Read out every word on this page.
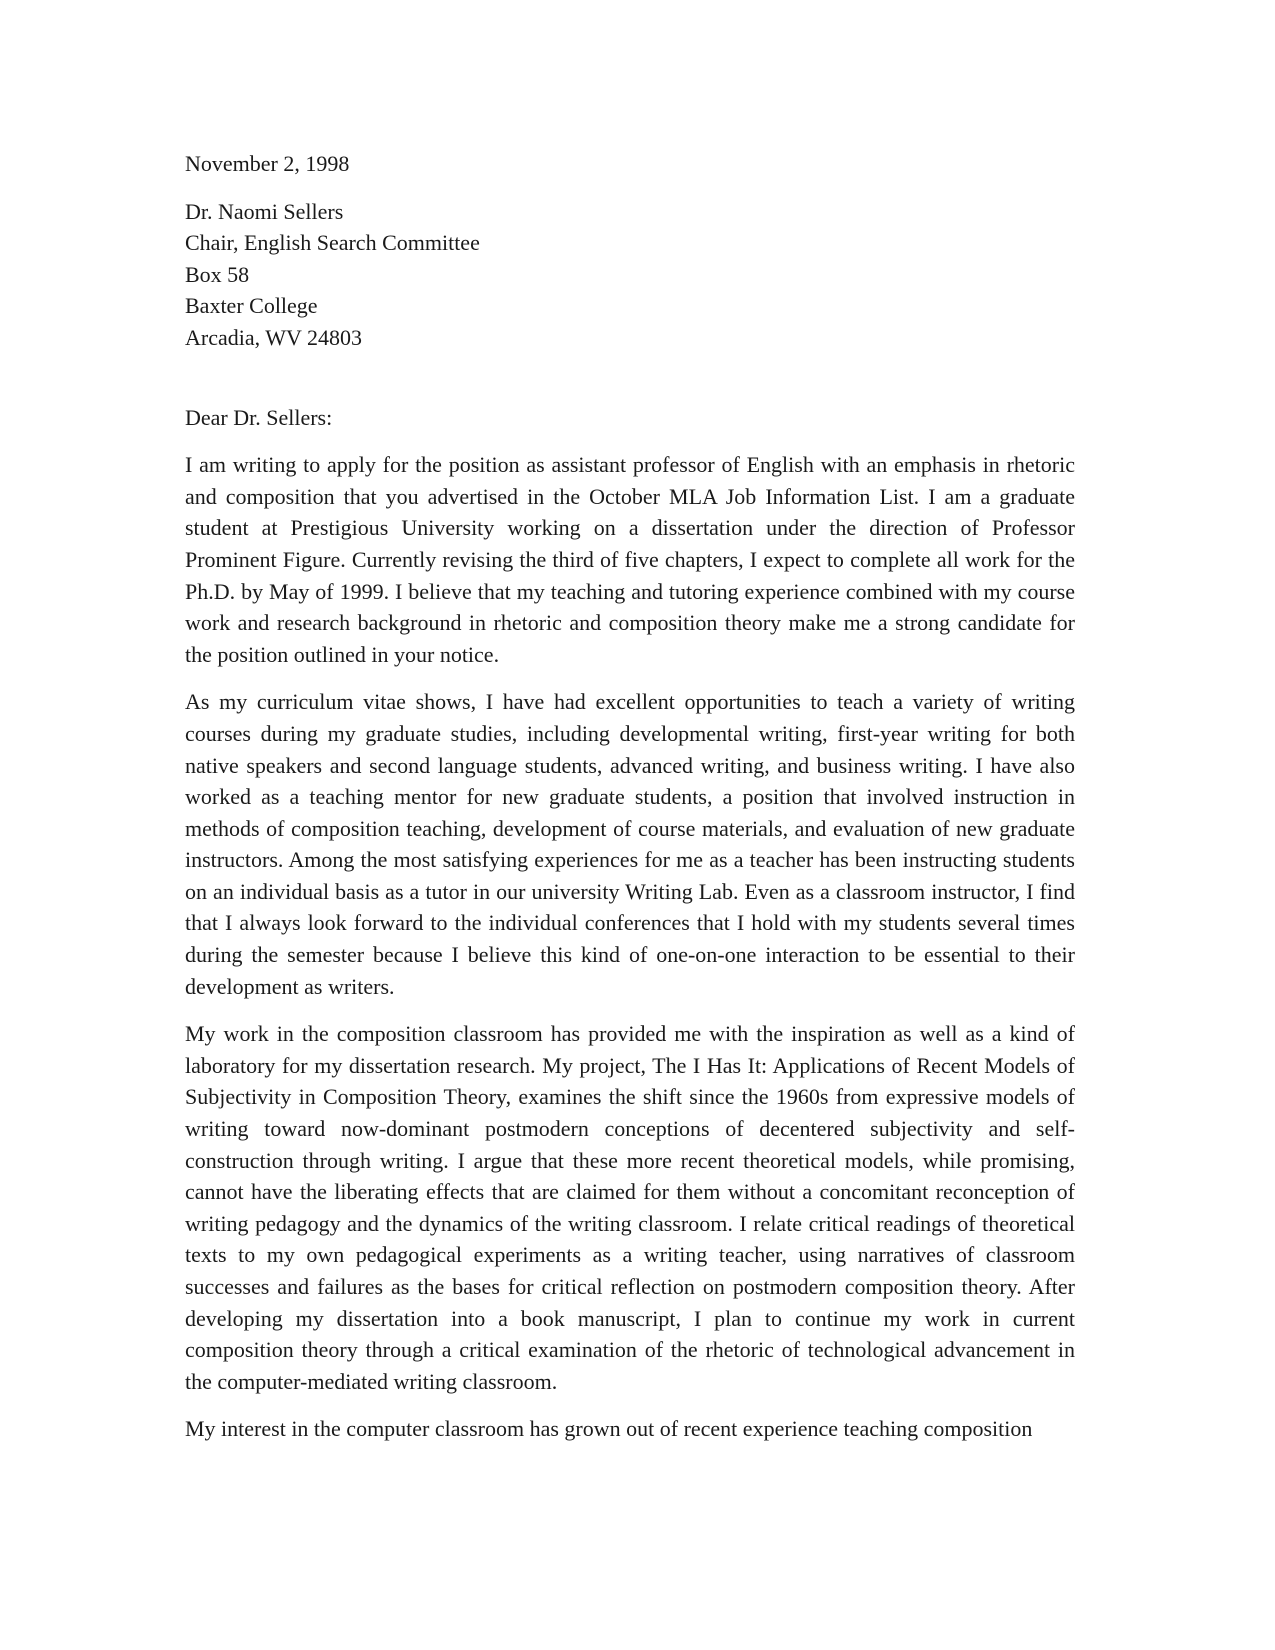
November 2, 1998

Dr. Naomi Sellers
Chair, English Search Committee
Box 58
Baxter College
Arcadia, WV 24803

Dear Dr. Sellers:

I am writing to apply for the position as assistant professor of English with an emphasis in rhetoric and composition that you advertised in the October MLA Job Information List. I am a graduate student at Prestigious University working on a dissertation under the direction of Professor Prominent Figure. Currently revising the third of five chapters, I expect to complete all work for the Ph.D. by May of 1999. I believe that my teaching and tutoring experience combined with my course work and research background in rhetoric and composition theory make me a strong candidate for the position outlined in your notice.

As my curriculum vitae shows, I have had excellent opportunities to teach a variety of writing courses during my graduate studies, including developmental writing, first-year writing for both native speakers and second language students, advanced writing, and business writing. I have also worked as a teaching mentor for new graduate students, a position that involved instruction in methods of composition teaching, development of course materials, and evaluation of new graduate instructors. Among the most satisfying experiences for me as a teacher has been instructing students on an individual basis as a tutor in our university Writing Lab. Even as a classroom instructor, I find that I always look forward to the individual conferences that I hold with my students several times during the semester because I believe this kind of one-on-one interaction to be essential to their development as writers.

My work in the composition classroom has provided me with the inspiration as well as a kind of laboratory for my dissertation research. My project, The I Has It: Applications of Recent Models of Subjectivity in Composition Theory, examines the shift since the 1960s from expressive models of writing toward now-dominant postmodern conceptions of decentered subjectivity and self-construction through writing. I argue that these more recent theoretical models, while promising, cannot have the liberating effects that are claimed for them without a concomitant reconception of writing pedagogy and the dynamics of the writing classroom. I relate critical readings of theoretical texts to my own pedagogical experiments as a writing teacher, using narratives of classroom successes and failures as the bases for critical reflection on postmodern composition theory. After developing my dissertation into a book manuscript, I plan to continue my work in current composition theory through a critical examination of the rhetoric of technological advancement in the computer-mediated writing classroom.

My interest in the computer classroom has grown out of recent experience teaching composition
